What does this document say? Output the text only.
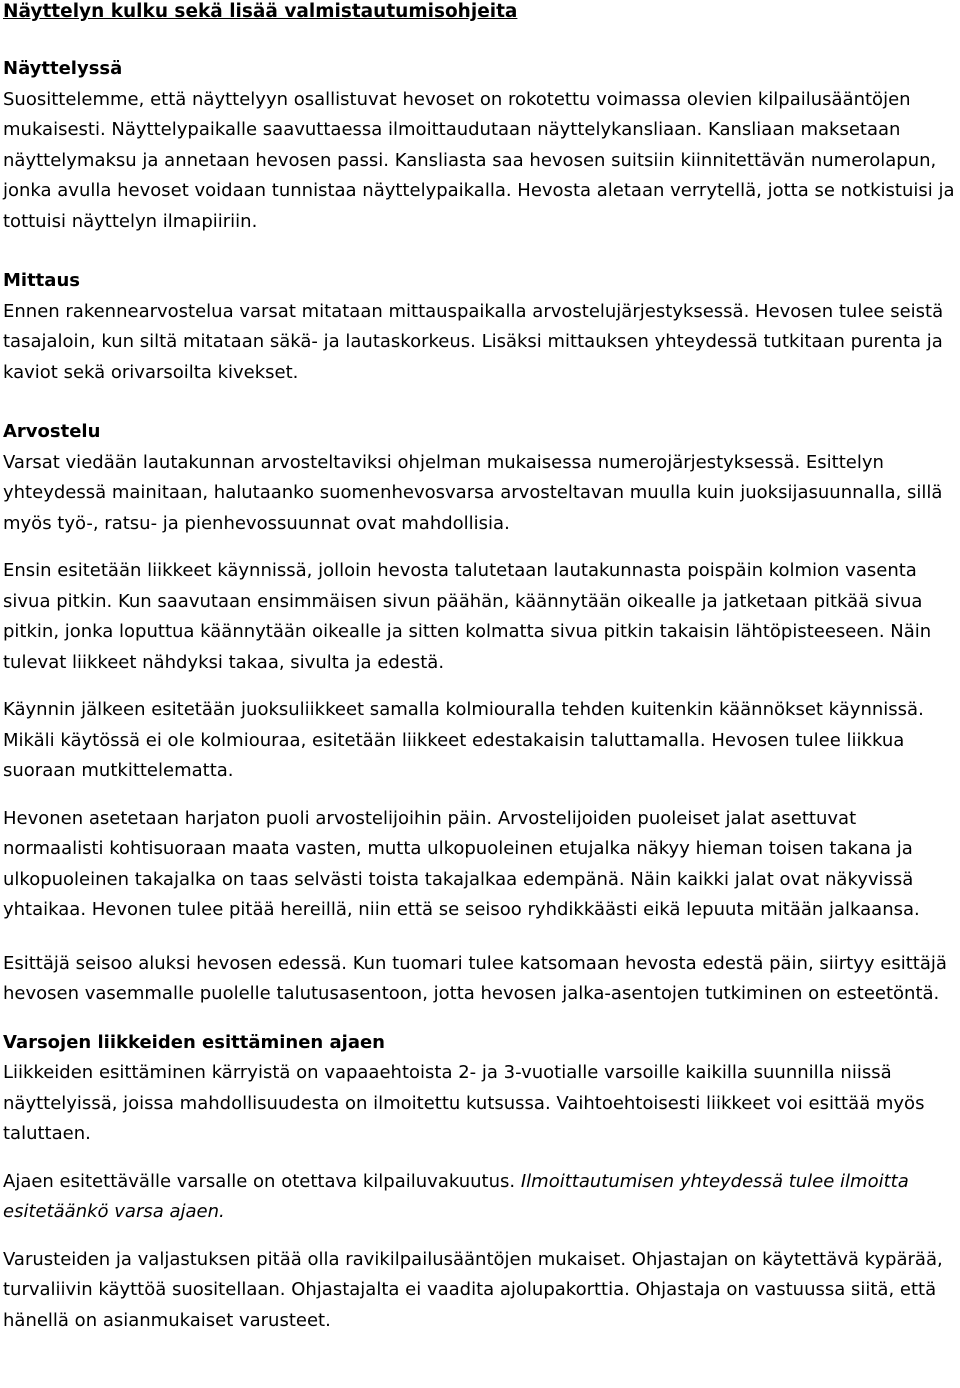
Näyttelyn kulku sekä lisää valmistautumisohjeita
Näyttelyssä

Suosittelemme, että näyttelyyn osallistuvat hevoset on rokotettu voimassa olevien kilpailusääntöjen mukaisesti. Näyttelypaikalle saavuttaessa ilmoittaudutaan näyttelykansliaan. Kansliaan maksetaan näyttelymaksu ja annetaan hevosen passi. Kansliasta saa hevosen suitsiin kiinnitettävän numerolapun, jonka avulla hevoset voidaan tunnistaa näyttelypaikalla. Hevosta aletaan verrytellä, jotta se notkistuisi ja tottuisi näyttelyn ilmapiiriin.

Mittaus

Ennen rakennearvostelua varsat mitataan mittauspaikalla arvostelujärjestyksessä. Hevosen tulee seistä tasajaloin, kun siltä mitataan säkä- ja lautaskorkeus. Lisäksi mittauksen yhteydessä tutkitaan purenta ja kaviot sekä orivarsoilta kivekset.

Arvostelu

Varsat viedään lautakunnan arvosteltaviksi ohjelman mukaisessa numerojärjestyksessä. Esittelyn yhteydessä mainitaan, halutaanko suomenhevosvarsa arvosteltavan muulla kuin juoksijasuunnalla, sillä myös työ-, ratsu- ja pienhevossuunnat ovat mahdollisia.

Ensin esitetään liikkeet käynnissä, jolloin hevosta talutetaan lautakunnasta poispäin kolmion vasenta sivua pitkin. Kun saavutaan ensimmäisen sivun päähän, käännytään oikealle ja jatketaan pitkää sivua pitkin, jonka loputtua käännytään oikealle ja sitten kolmatta sivua pitkin takaisin lähtöpisteeseen. Näin tulevat liikkeet nähdyksi takaa, sivulta ja edestä.

Käynnin jälkeen esitetään juoksuliikkeet samalla kolmiouralla tehden kuitenkin käännökset käynnissä. Mikäli käytössä ei ole kolmiouraa, esitetään liikkeet edestakaisin taluttamalla. Hevosen tulee liikkua suoraan mutkittelematta.

Hevonen asetetaan harjaton puoli arvostelijoihin päin. Arvostelijoiden puoleiset jalat asettuvat normaalisti kohtisuoraan maata vasten, mutta ulkopuoleinen etujalka näkyy hieman toisen takana ja ulkopuoleinen takajalka on taas selvästi toista takajalkaa edempänä. Näin kaikki jalat ovat näkyvissä yhtaikaa. Hevonen tulee pitää hereillä, niin että se seisoo ryhdikkäästi eikä lepuuta mitään jalkaansa.

Esittäjä seisoo aluksi hevosen edessä. Kun tuomari tulee katsomaan hevosta edestä päin, siirtyy esittäjä hevosen vasemmalle puolelle talutusasentoon, jotta hevosen jalka-asentojen tutkiminen on esteetöntä.

Varsojen liikkeiden esittäminen ajaen

Liikkeiden esittäminen kärryistä on vapaaehtoista 2- ja 3-vuotialle varsoille kaikilla suunnilla niissä näyttelyissä, joissa mahdollisuudesta on ilmoitettu kutsussa. Vaihtoehtoisesti liikkeet voi esittää myös taluttaen.

Ajaen esitettävälle varsalle on otettava kilpailuvakuutus. Ilmoittautumisen yhteydessä tulee ilmoitta esitetäänkö varsa ajaen.

Varusteiden ja valjastuksen pitää olla ravikilpailusääntöjen mukaiset. Ohjastajan on käytettävä kypärää, turvaliivin käyttöä suositellaan. Ohjastajalta ei vaadita ajolupakorttia. Ohjastaja on vastuussa siitä, että hänellä on asianmukaiset varusteet.
